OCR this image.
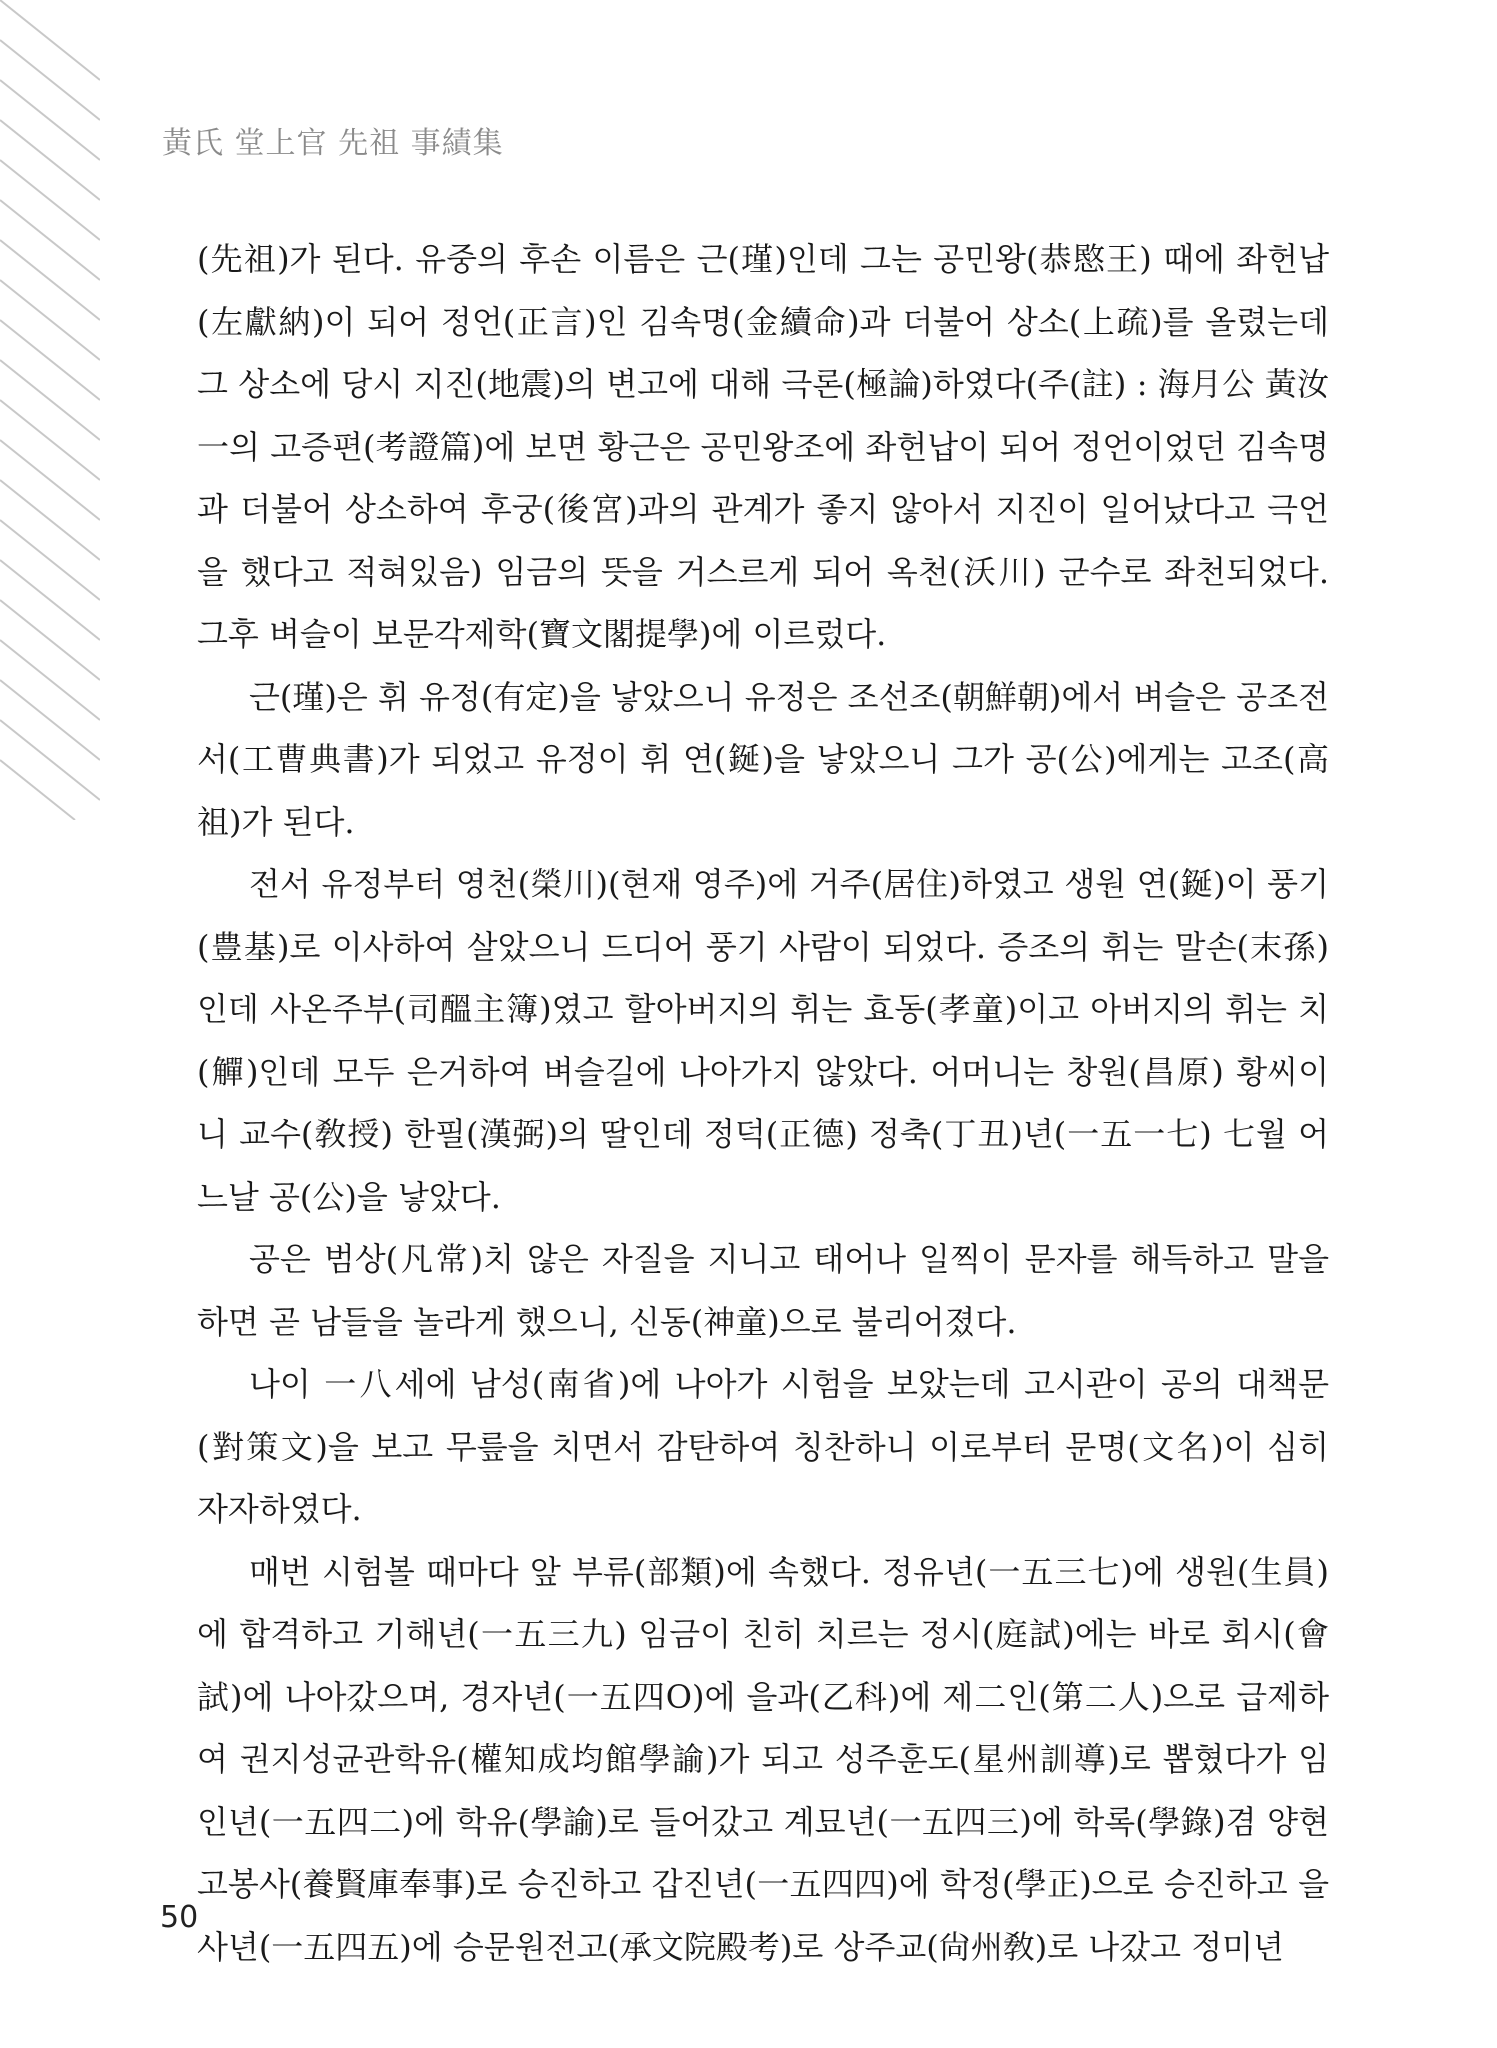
黃氏 堂上官 先祖 事績集

(先祖)가 된다. 유중의 후손 이름은 근(瑾)인데 그는 공민왕(恭愍王) 때에 좌헌납(左獻納)이 되어 정언(正言)인 김속명(金續命)과 더불어 상소(上疏)를 올렸는데 그 상소에 당시 지진(地震)의 변고에 대해 극론(極論)하였다(주(註) : 海月公 黃汝一의 고증편(考證篇)에 보면 황근은 공민왕조에 좌헌납이 되어 정언이었던 김속명과 더불어 상소하여 후궁(後宮)과의 관계가 좋지 않아서 지진이 일어났다고 극언을 했다고 적혀있음) 임금의 뜻을 거스르게 되어 옥천(沃川) 군수로 좌천되었다. 그후 벼슬이 보문각제학(寶文閣提學)에 이르렀다.

근(瑾)은 휘 유정(有定)을 낳았으니 유정은 조선조(朝鮮朝)에서 벼슬은 공조전서(工曹典書)가 되었고 유정이 휘 연(鋋)을 낳았으니 그가 공(公)에게는 고조(高祖)가 된다.

전서 유정부터 영천(榮川)(현재 영주)에 거주(居住)하였고 생원 연(鋋)이 풍기(豊基)로 이사하여 살았으니 드디어 풍기 사람이 되었다. 증조의 휘는 말손(末孫)인데 사온주부(司醞主簿)였고 할아버지의 휘는 효동(孝童)이고 아버지의 휘는 치(觶)인데 모두 은거하여 벼슬길에 나아가지 않았다. 어머니는 창원(昌原) 황씨이니 교수(敎授) 한필(漢弼)의 딸인데 정덕(正德) 정축(丁丑)년(一五一七) 七월 어느날 공(公)을 낳았다.

공은 범상(凡常)치 않은 자질을 지니고 태어나 일찍이 문자를 해득하고 말을 하면 곧 남들을 놀라게 했으니, 신동(神童)으로 불리어졌다.

나이 一八세에 남성(南省)에 나아가 시험을 보았는데 고시관이 공의 대책문(對策文)을 보고 무릎을 치면서 감탄하여 칭찬하니 이로부터 문명(文名)이 심히 자자하였다.

매번 시험볼 때마다 앞 부류(部類)에 속했다. 정유년(一五三七)에 생원(生員)에 합격하고 기해년(一五三九) 임금이 친히 치르는 정시(庭試)에는 바로 회시(會試)에 나아갔으며, 경자년(一五四O)에 을과(乙科)에 제二인(第二人)으로 급제하여 권지성균관학유(權知成均館學諭)가 되고 성주훈도(星州訓導)로 뽑혔다가 임인년(一五四二)에 학유(學諭)로 들어갔고 계묘년(一五四三)에 학록(學錄)겸 양현고봉사(養賢庫奉事)로 승진하고 갑진년(一五四四)에 학정(學正)으로 승진하고 을사년(一五四五)에 승문원전고(承文院殿考)로 상주교(尙州敎)로 나갔고 정미년

50
